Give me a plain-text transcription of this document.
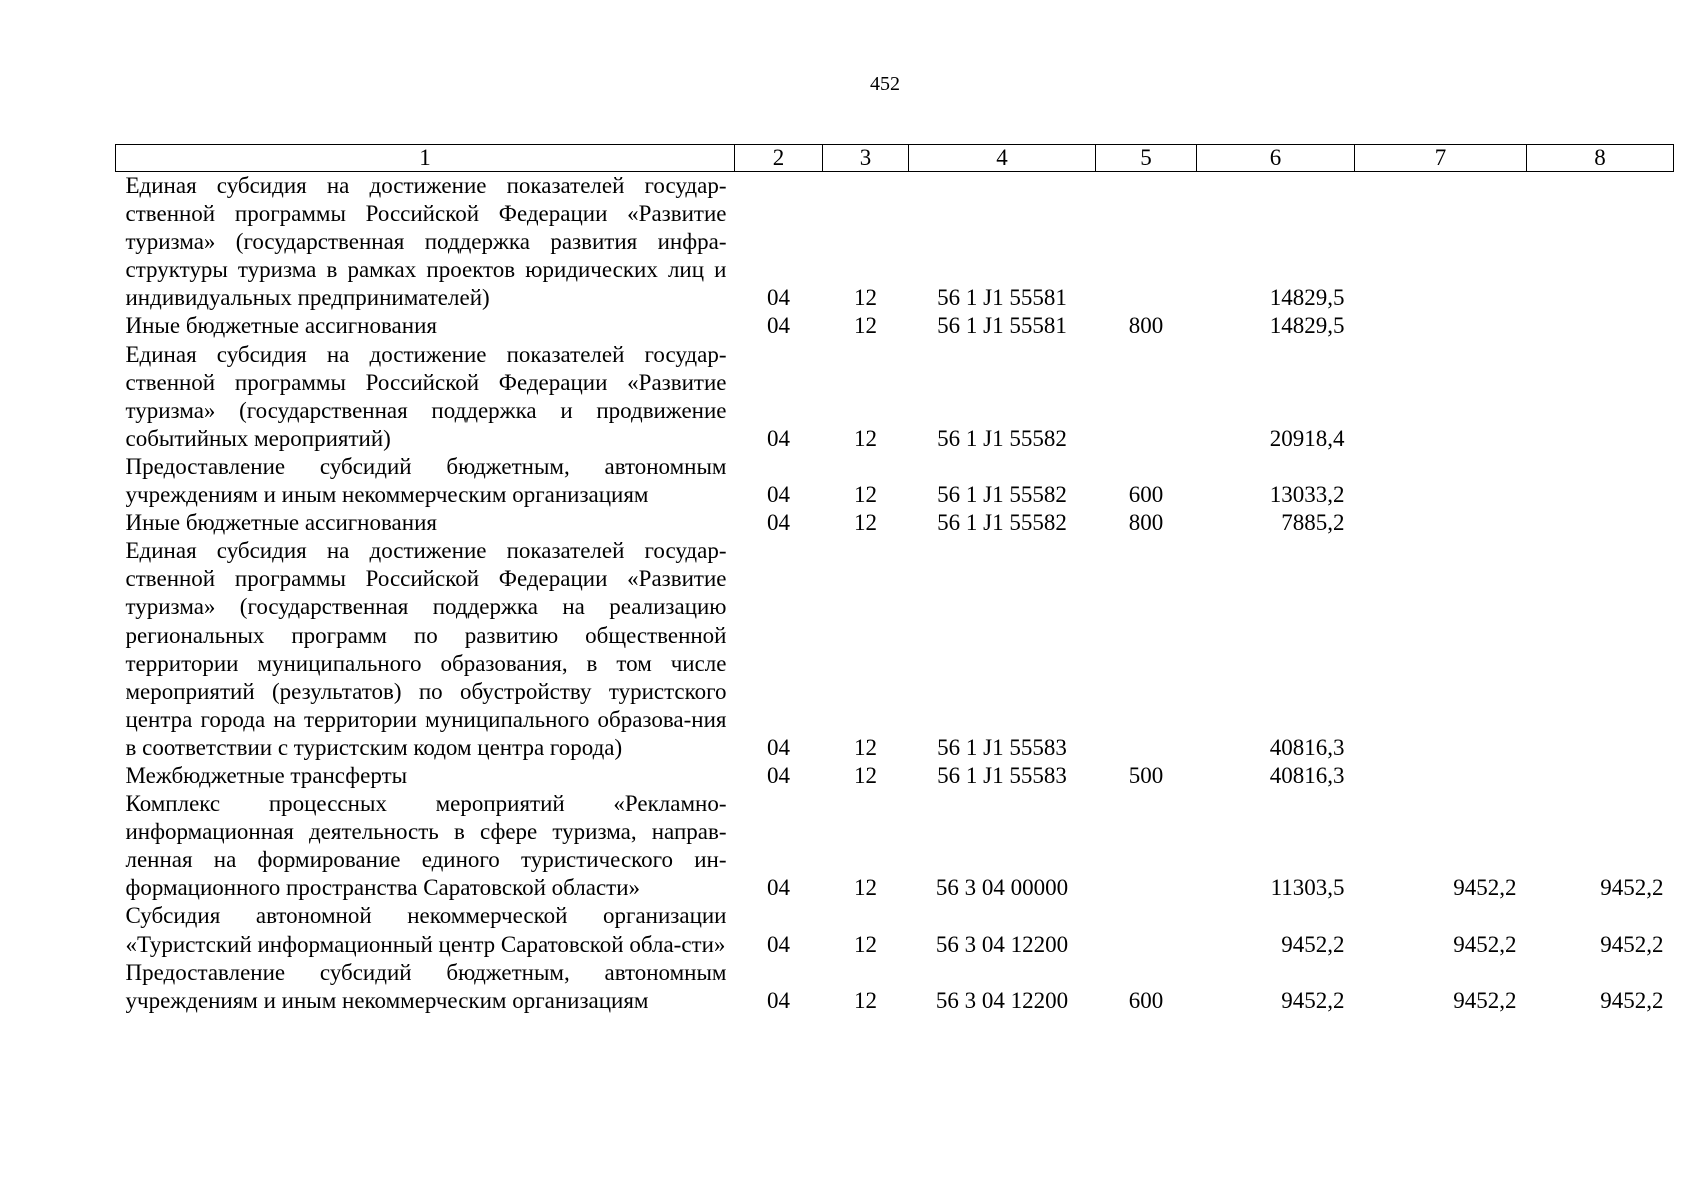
452
1	2	3	4	5	6	7	8
Единая субсидия на достижение показателей государ-ственной программы Российской Федерации «Развитие туризма» (государственная поддержка развития инфра-структуры туризма в рамках проектов юридических лиц и индивидуальных предпринимателей)	04	12	56 1 J1 55581		14829,5		
Иные бюджетные ассигнования	04	12	56 1 J1 55581	800	14829,5		
Единая субсидия на достижение показателей государ-ственной программы Российской Федерации «Развитие туризма» (государственная поддержка и продвижение событийных мероприятий)	04	12	56 1 J1 55582		20918,4		
Предоставление субсидий бюджетным, автономным учреждениям и иным некоммерческим организациям	04	12	56 1 J1 55582	600	13033,2		
Иные бюджетные ассигнования	04	12	56 1 J1 55582	800	7885,2		
Единая субсидия на достижение показателей государ-ственной программы Российской Федерации «Развитие туризма» (государственная поддержка на реализацию региональных программ по развитию общественной территории муниципального образования, в том числе мероприятий (результатов) по обустройству туристского центра города на территории муниципального образова-ния в соответствии с туристским кодом центра города)	04	12	56 1 J1 55583		40816,3		
Межбюджетные трансферты	04	12	56 1 J1 55583	500	40816,3		
Комплекс процессных мероприятий «Рекламно-информационная деятельность в сфере туризма, направ-ленная на формирование единого туристического ин-формационного пространства Саратовской области»	04	12	56 3 04 00000		11303,5	9452,2	9452,2
Субсидия автономной некоммерческой организации «Туристский информационный центр Саратовской обла-сти»	04	12	56 3 04 12200		9452,2	9452,2	9452,2
Предоставление субсидий бюджетным, автономным учреждениям и иным некоммерческим организациям	04	12	56 3 04 12200	600	9452,2	9452,2	9452,2
